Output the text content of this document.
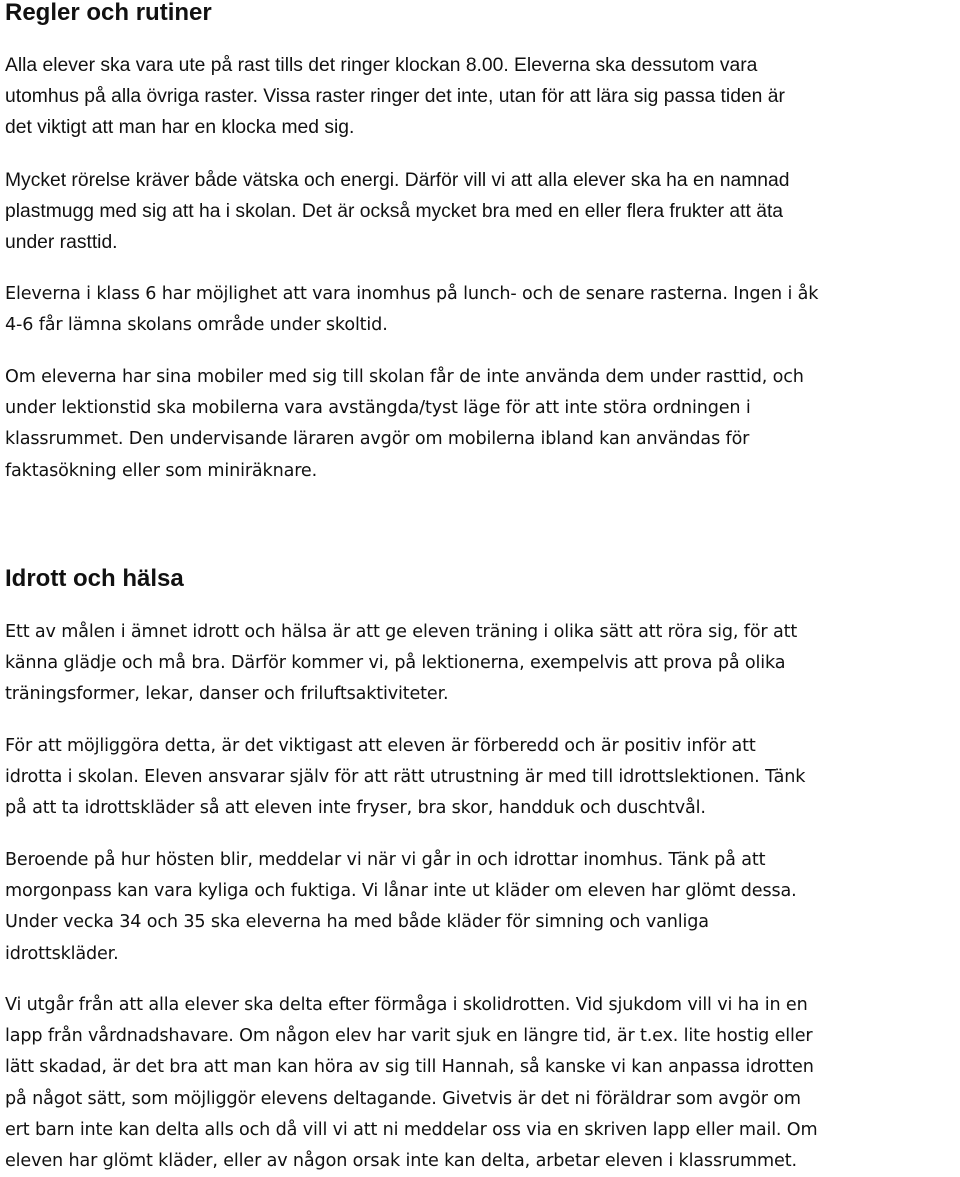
Regler och rutiner

Alla elever ska vara ute på rast tills det ringer klockan 8.00. Eleverna ska dessutom vara
utomhus på alla övriga raster. Vissa raster ringer det inte, utan för att lära sig passa tiden är
det viktigt att man har en klocka med sig.

Mycket rörelse kräver både vätska och energi. Därför vill vi att alla elever ska ha en namnad
plastmugg med sig att ha i skolan. Det är också mycket bra med en eller flera frukter att äta
under rasttid.

Eleverna i klass 6 har möjlighet att vara inomhus på lunch- och de senare rasterna. Ingen i åk
4-6 får lämna skolans område under skoltid.

Om eleverna har sina mobiler med sig till skolan får de inte använda dem under rasttid, och
under lektionstid ska mobilerna vara avstängda/tyst läge för att inte störa ordningen i
klassrummet. Den undervisande läraren avgör om mobilerna ibland kan användas för
faktasökning eller som miniräknare.

Idrott och hälsa

Ett av målen i ämnet idrott och hälsa är att ge eleven träning i olika sätt att röra sig, för att
känna glädje och må bra. Därför kommer vi, på lektionerna, exempelvis att prova på olika
träningsformer, lekar, danser och friluftsaktiviteter.

För att möjliggöra detta, är det viktigast att eleven är förberedd och är positiv inför att
idrotta i skolan. Eleven ansvarar själv för att rätt utrustning är med till idrottslektionen. Tänk
på att ta idrottskläder så att eleven inte fryser, bra skor, handduk och duschtvål.

Beroende på hur hösten blir, meddelar vi när vi går in och idrottar inomhus. Tänk på att
morgonpass kan vara kyliga och fuktiga. Vi lånar inte ut kläder om eleven har glömt dessa.
Under vecka 34 och 35 ska eleverna ha med både kläder för simning och vanliga
idrottskläder.

Vi utgår från att alla elever ska delta efter förmåga i skolidrotten. Vid sjukdom vill vi ha in en
lapp från vårdnadshavare. Om någon elev har varit sjuk en längre tid, är t.ex. lite hostig eller
lätt skadad, är det bra att man kan höra av sig till Hannah, så kanske vi kan anpassa idrotten
på något sätt, som möjliggör elevens deltagande. Givetvis är det ni föräldrar som avgör om
ert barn inte kan delta alls och då vill vi att ni meddelar oss via en skriven lapp eller mail. Om
eleven har glömt kläder, eller av någon orsak inte kan delta, arbetar eleven i klassrummet.
